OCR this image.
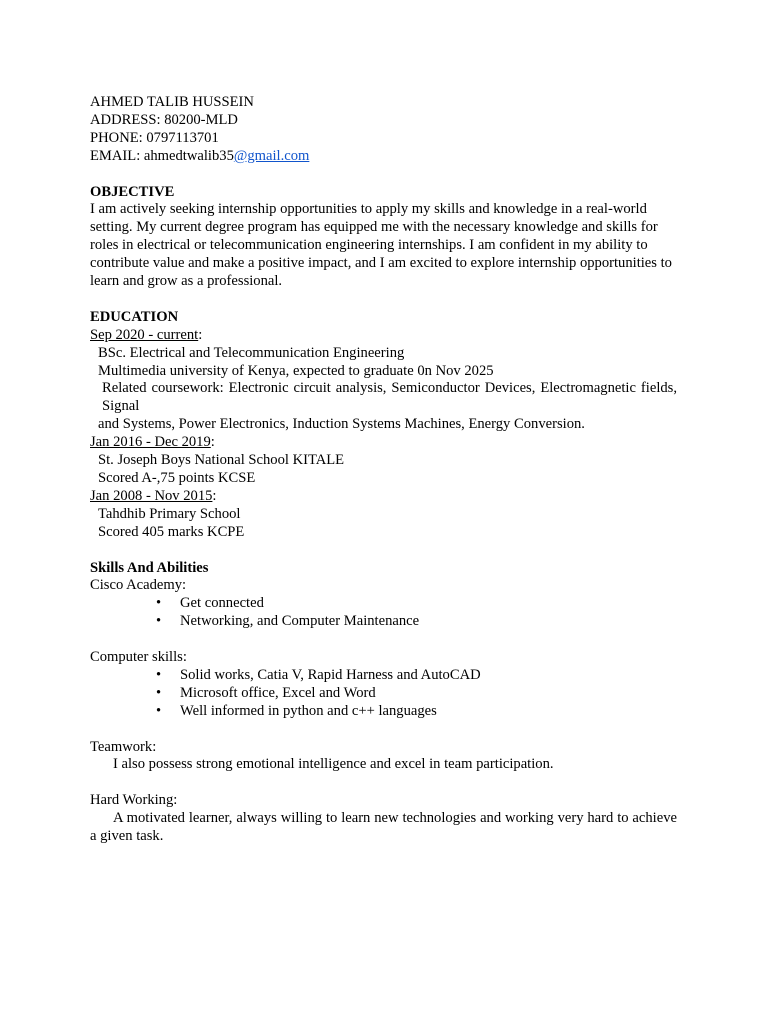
AHMED TALIB HUSSEIN
ADDRESS: 80200-MLD
PHONE: 0797113701
EMAIL: ahmedtwalib35@gmail.com
OBJECTIVE
I am actively seeking internship opportunities to apply my skills and knowledge in a real-world setting. My current degree program has equipped me with the necessary knowledge and skills for roles in electrical or telecommunication engineering internships. I am confident in my ability to contribute value and make a positive impact, and I am excited to explore internship opportunities to learn and grow as a professional.
EDUCATION
Sep 2020 - current:
BSc. Electrical and Telecommunication Engineering
Multimedia university of Kenya, expected to graduate 0n Nov 2025
Related coursework: Electronic circuit analysis, Semiconductor Devices, Electromagnetic fields, Signal
and Systems, Power Electronics, Induction Systems Machines, Energy Conversion.
Jan 2016 - Dec 2019:
St. Joseph Boys National School KITALE
Scored A-,75 points KCSE
Jan 2008 - Nov 2015:
Tahdhib Primary School
Scored 405 marks KCPE
Skills And Abilities
Cisco Academy:
• Get connected
• Networking, and Computer Maintenance
Computer skills:
• Solid works, Catia V, Rapid Harness and AutoCAD
• Microsoft office, Excel and Word
• Well informed in python and c++ languages
Teamwork:
I also possess strong emotional intelligence and excel in team participation.
Hard Working:
A motivated learner, always willing to learn new technologies and working very hard to achieve a given task.
